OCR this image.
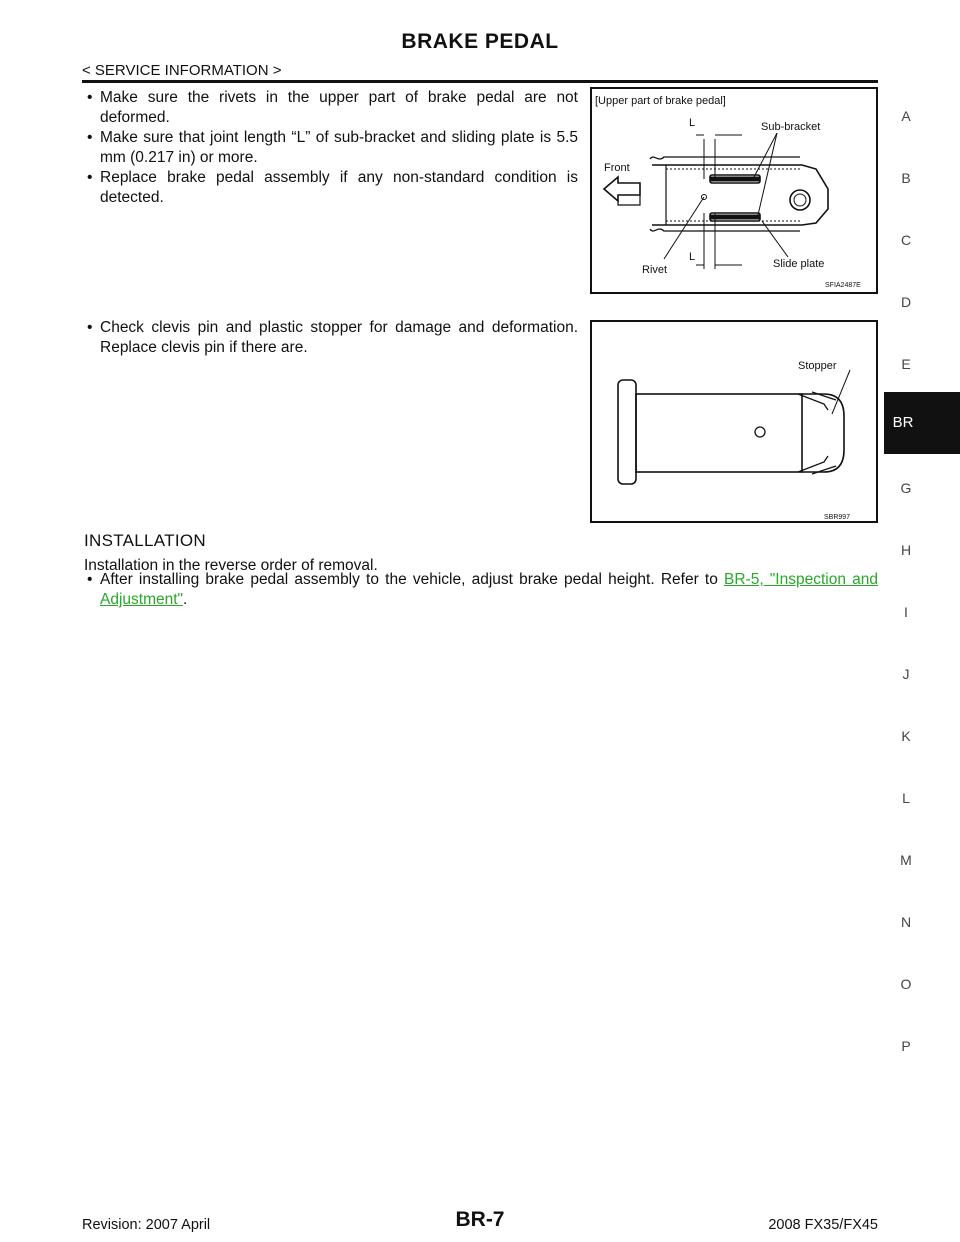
BRAKE PEDAL
< SERVICE INFORMATION >
• Make sure the rivets in the upper part of brake pedal are not deformed.
• Make sure that joint length “L” of sub-bracket and sliding plate is 5.5 mm (0.217 in) or more.
• Replace brake pedal assembly if any non-standard condition is detected.
[Upper part of brake pedal]
L	Sub-bracket
Front
Rivet
L
Slide plate
SFIA2487E
• Check clevis pin and plastic stopper for damage and deformation. Replace clevis pin if there are.
Stopper
SBR997
INSTALLATION
Installation in the reverse order of removal.
• After installing brake pedal assembly to the vehicle, adjust brake pedal height. Refer to BR-5, "Inspection and Adjustment".
A
B
C
D
E
G
H
I
J
K
L
M
N
O
P
BR
Revision: 2007 April	BR-7	2008 FX35/FX45
